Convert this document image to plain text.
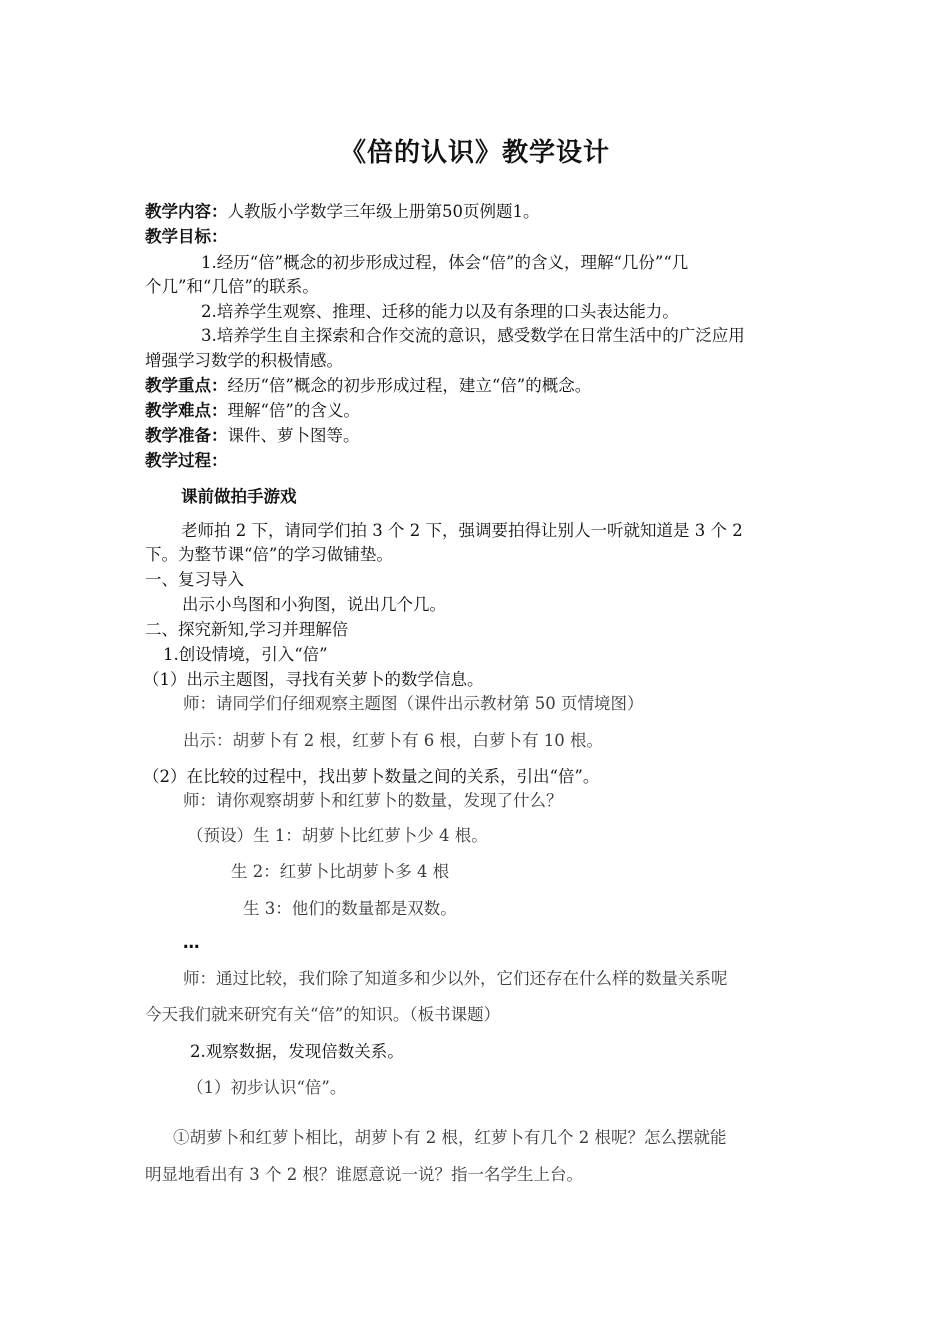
《倍的认识》教学设计
教学内容：人教版小学数学三年级上册第50页例题1。
教学目标：
1.经历“倍”概念的初步形成过程，体会“倍”的含义，理解“几份”“几
个几”和“几倍”的联系。
2.培养学生观察、推理、迁移的能力以及有条理的口头表达能力。
3.培养学生自主探索和合作交流的意识，感受数学在日常生活中的广泛应用
增强学习数学的积极情感。
教学重点：经历“倍”概念的初步形成过程，建立“倍”的概念。
教学难点：理解“倍”的含义。
教学准备：课件、萝卜图等。
教学过程：
课前做拍手游戏
老师拍 2 下，请同学们拍 3 个 2 下，强调要拍得让别人一听就知道是 3 个 2
下。为整节课“倍”的学习做铺垫。
一、复习导入
出示小鸟图和小狗图，说出几个几。
二、探究新知,学习并理解倍
1.创设情境，引入“倍”
（1）出示主题图，寻找有关萝卜的数学信息。
师：请同学们仔细观察主题图（课件出示教材第 50 页情境图）
出示：胡萝卜有 2 根，红萝卜有 6 根，白萝卜有 10 根。
（2）在比较的过程中，找出萝卜数量之间的关系，引出“倍”。
师：请你观察胡萝卜和红萝卜的数量，发现了什么？
（预设）生 1：胡萝卜比红萝卜少 4 根。
生 2：红萝卜比胡萝卜多 4 根
生 3：他们的数量都是双数。
…
师：通过比较，我们除了知道多和少以外，它们还存在什么样的数量关系呢
今天我们就来研究有关“倍”的知识。（板书课题）
2.观察数据，发现倍数关系。
（1）初步认识“倍”。
①胡萝卜和红萝卜相比，胡萝卜有 2 根，红萝卜有几个 2 根呢？怎么摆就能
明显地看出有 3 个 2 根？谁愿意说一说？指一名学生上台。
